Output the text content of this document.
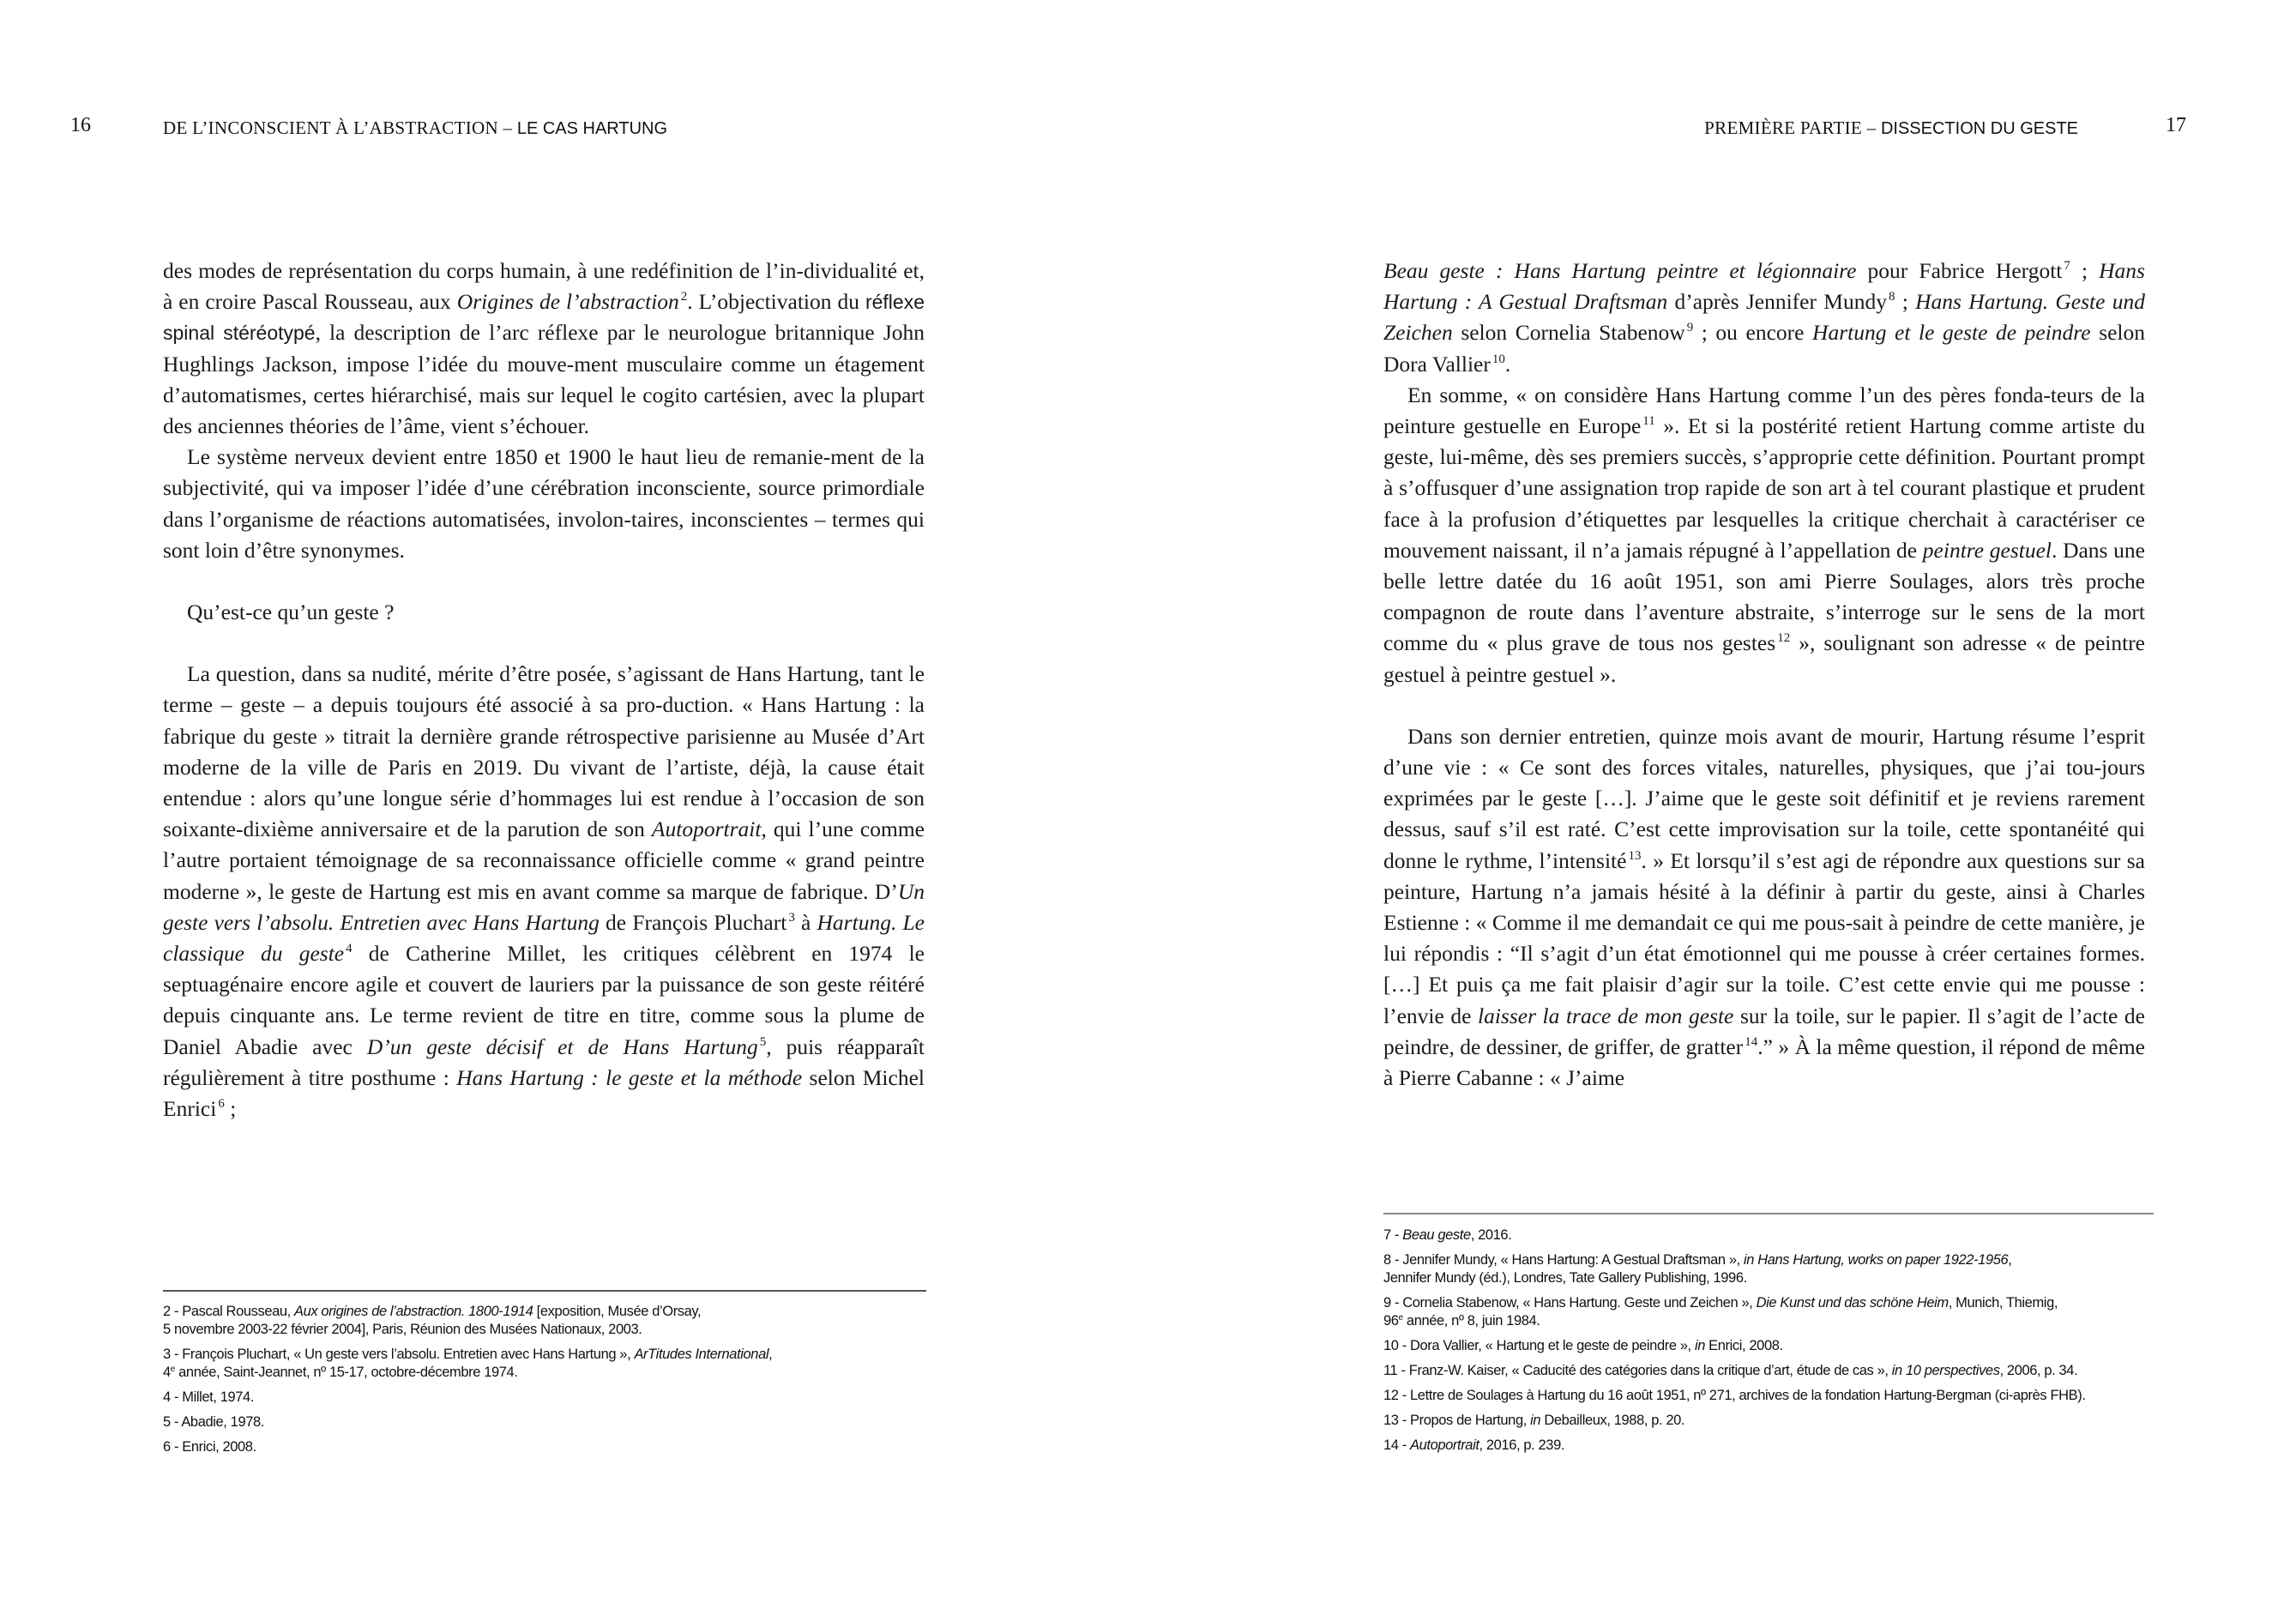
16	DE L’INCONSCIENT À L’ABSTRACTION – LE CAS HARTUNG

des modes de représentation du corps humain, à une redéfinition de l’in-dividualité et, à en croire Pascal Rousseau, aux Origines de l’abstraction $^2$. L’objectivation du réflexe spinal stéréotypé, la description de l’arc réflexe par le neurologue britannique John Hughlings Jackson, impose l’idée du mouve-ment musculaire comme un étagement d’automatismes, certes hiérarchisé, mais sur lequel le cogito cartésien, avec la plupart des anciennes théories de l’âme, vient s’échouer.

Le système nerveux devient entre 1850 et 1900 le haut lieu de remanie-ment de la subjectivité, qui va imposer l’idée d’une cérébration inconsciente, source primordiale dans l’organisme de réactions automatisées, involon-taires, inconscientes – termes qui sont loin d’être synonymes.

Qu’est-ce qu’un geste ?

La question, dans sa nudité, mérite d’être posée, s’agissant de Hans Hartung, tant le terme – geste – a depuis toujours été associé à sa pro-duction. « Hans Hartung : la fabrique du geste » titrait la dernière grande rétrospective parisienne au Musée d’Art moderne de la ville de Paris en 2019. Du vivant de l’artiste, déjà, la cause était entendue : alors qu’une longue série d’hommages lui est rendue à l’occasion de son soixante-dixième anniversaire et de la parution de son Autoportrait, qui l’une comme l’autre portaient témoignage de sa reconnaissance officielle comme « grand peintre moderne », le geste de Hartung est mis en avant comme sa marque de fabrique. D’Un geste vers l’absolu. Entretien avec Hans Hartung de François Pluchart $^3$ à Hartung. Le classique du geste $^4$ de Catherine Millet, les critiques célèbrent en 1974 le septuagénaire encore agile et couvert de lauriers par la puissance de son geste réitéré depuis cinquante ans. Le terme revient de titre en titre, comme sous la plume de Daniel Abadie avec D’un geste décisif et de Hans Hartung $^5$, puis réapparaît régulièrement à titre posthume : Hans Hartung : le geste et la méthode selon Michel Enrici $^6$ ;

2 - Pascal Rousseau, Aux origines de l’abstraction. 1800-1914 [exposition, Musée d’Orsay,
5 novembre 2003-22 février 2004], Paris, Réunion des Musées Nationaux, 2003.
3 - François Pluchart, « Un geste vers l’absolu. Entretien avec Hans Hartung », ArTitudes International,
4e année, Saint-Jeannet, nº 15-17, octobre-décembre 1974.
4 - Millet, 1974.
5 - Abadie, 1978.
6 - Enrici, 2008.
PREMIÈRE PARTIE – DISSECTION DU GESTE	17

Beau geste : Hans Hartung peintre et légionnaire pour Fabrice Hergott $^7$ ; Hans Hartung : A Gestual Draftsman d’après Jennifer Mundy $^8$ ; Hans Hartung. Geste und Zeichen selon Cornelia Stabenow $^9$ ; ou encore Hartung et le geste de peindre selon Dora Vallier $^{10}$.

En somme, « on considère Hans Hartung comme l’un des pères fonda-teurs de la peinture gestuelle en Europe $^{11}$ ». Et si la postérité retient Hartung comme artiste du geste, lui-même, dès ses premiers succès, s’approprie cette définition. Pourtant prompt à s’offusquer d’une assignation trop rapide de son art à tel courant plastique et prudent face à la profusion d’étiquettes par lesquelles la critique cherchait à caractériser ce mouvement naissant, il n’a jamais répugné à l’appellation de peintre gestuel. Dans une belle lettre datée du 16 août 1951, son ami Pierre Soulages, alors très proche compagnon de route dans l’aventure abstraite, s’interroge sur le sens de la mort comme du « plus grave de tous nos gestes $^{12}$ », soulignant son adresse « de peintre gestuel à peintre gestuel ».

Dans son dernier entretien, quinze mois avant de mourir, Hartung résume l’esprit d’une vie : « Ce sont des forces vitales, naturelles, physiques, que j’ai tou-jours exprimées par le geste […]. J’aime que le geste soit définitif et je reviens rarement dessus, sauf s’il est raté. C’est cette improvisation sur la toile, cette spontanéité qui donne le rythme, l’intensité $^{13}$. » Et lorsqu’il s’est agi de répondre aux questions sur sa peinture, Hartung n’a jamais hésité à la définir à partir du geste, ainsi à Charles Estienne : « Comme il me demandait ce qui me pous-sait à peindre de cette manière, je lui répondis : “Il s’agit d’un état émotionnel qui me pousse à créer certaines formes. […] Et puis ça me fait plaisir d’agir sur la toile. C’est cette envie qui me pousse : l’envie de laisser la trace de mon geste sur la toile, sur le papier. Il s’agit de l’acte de peindre, de dessiner, de griffer, de gratter $^{14}$.” » À la même question, il répond de même à Pierre Cabanne : « J’aime

7 - Beau geste, 2016.
8 - Jennifer Mundy, « Hans Hartung: A Gestual Draftsman », in Hans Hartung, works on paper 1922-1956,
Jennifer Mundy (éd.), Londres, Tate Gallery Publishing, 1996.
9 - Cornelia Stabenow, « Hans Hartung. Geste und Zeichen », Die Kunst und das schöne Heim, Munich, Thiemig,
96e année, nº 8, juin 1984.
10 - Dora Vallier, « Hartung et le geste de peindre », in Enrici, 2008.
11 - Franz-W. Kaiser, « Caducité des catégories dans la critique d’art, étude de cas », in 10 perspectives, 2006, p. 34.
12 - Lettre de Soulages à Hartung du 16 août 1951, nº 271, archives de la fondation Hartung-Bergman (ci-après FHB).
13 - Propos de Hartung, in Debailleux, 1988, p. 20.
14 - Autoportrait, 2016, p. 239.
